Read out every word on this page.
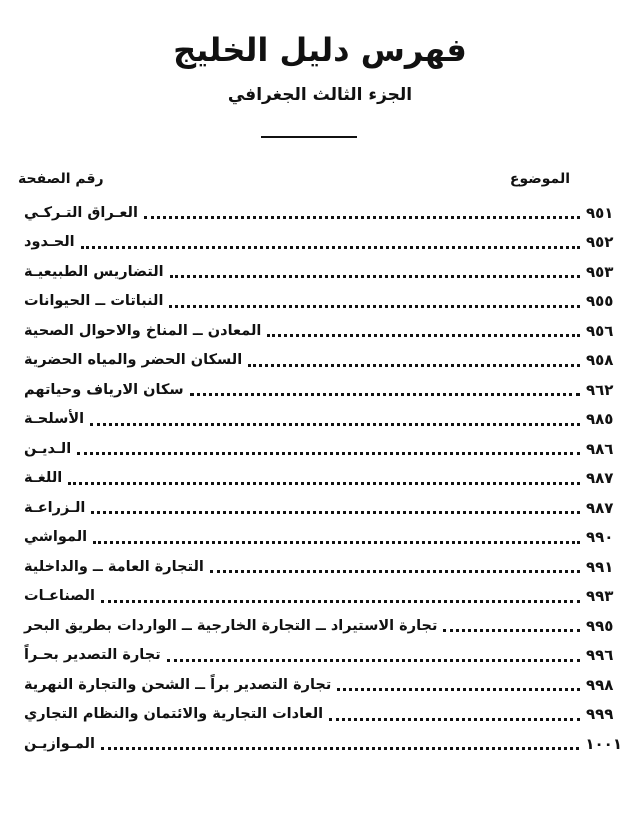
فهرس دليل الخليج
الجزء الثالث الجغرافي
الموضوع
رقم الصفحة
العـراق التـركـي	٩٥١
الحـدود	٩٥٢
التضاريس الطبيعيـة	٩٥٣
النباتات ــ الحيوانات	٩٥٥
المعادن ــ المناخ والاحوال الصحية	٩٥٦
السكان الحضر والمياه الحضرية	٩٥٨
سكان الارياف وحياتهم	٩٦٢
الأسلحـة	٩٨٥
الـديـن	٩٨٦
اللغـة	٩٨٧
الـزراعـة	٩٨٧
المواشي	٩٩٠
التجارة العامة ــ والداخلية	٩٩١
الصناعـات	٩٩٣
تجارة الاستيراد ــ التجارة الخارجية ــ الواردات بطريق البحر	٩٩٥
تجارة التصدير بحـراً	٩٩٦
تجارة التصدير براً ــ الشحن والتجارة النهرية	٩٩٨
العادات التجارية والائتمان والنظام التجاري	٩٩٩
المـوازيـن	١٠٠١
